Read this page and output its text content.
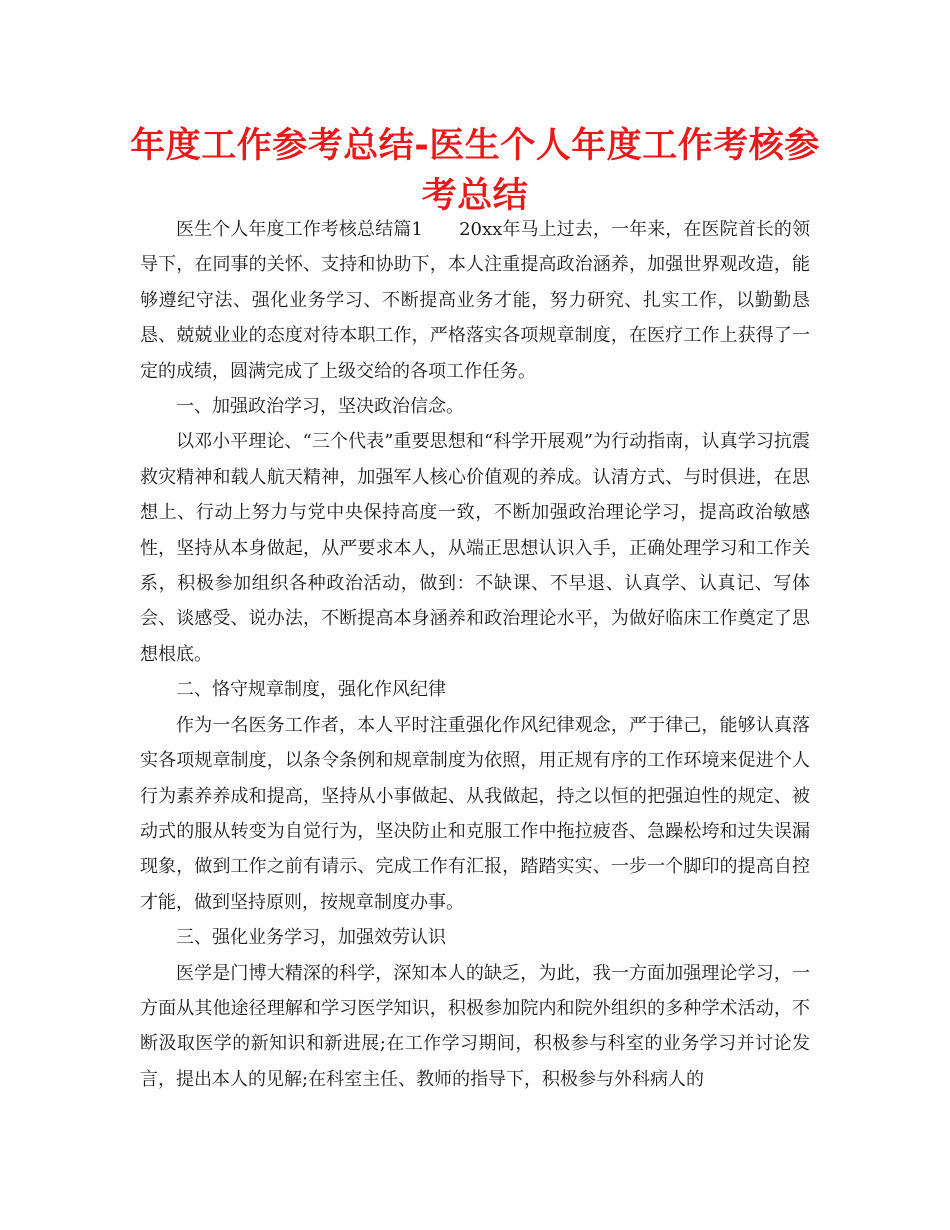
年度工作参考总结-医生个人年度工作考核参考总结

医生个人年度工作考核总结篇1　　20xx年马上过去，一年来，在医院首长的领导下，在同事的关怀、支持和协助下，本人注重提高政治涵养，加强世界观改造，能够遵纪守法、强化业务学习、不断提高业务才能，努力研究、扎实工作，以勤勤恳恳、兢兢业业的态度对待本职工作，严格落实各项规章制度，在医疗工作上获得了一定的成绩，圆满完成了上级交给的各项工作任务。

一、加强政治学习，坚决政治信念。

以邓小平理论、“三个代表”重要思想和“科学开展观”为行动指南，认真学习抗震救灾精神和载人航天精神，加强军人核心价值观的养成。认清方式、与时俱进，在思想上、行动上努力与党中央保持高度一致，不断加强政治理论学习，提高政治敏感性，坚持从本身做起，从严要求本人，从端正思想认识入手，正确处理学习和工作关系，积极参加组织各种政治活动，做到：不缺课、不早退、认真学、认真记、写体会、谈感受、说办法，不断提高本身涵养和政治理论水平，为做好临床工作奠定了思想根底。

二、恪守规章制度，强化作风纪律

作为一名医务工作者，本人平时注重强化作风纪律观念，严于律己，能够认真落实各项规章制度，以条令条例和规章制度为依照，用正规有序的工作环境来促进个人行为素养养成和提高，坚持从小事做起、从我做起，持之以恒的把强迫性的规定、被动式的服从转变为自觉行为，坚决防止和克服工作中拖拉疲沓、急躁松垮和过失误漏现象，做到工作之前有请示、完成工作有汇报，踏踏实实、一步一个脚印的提高自控才能，做到坚持原则，按规章制度办事。

三、强化业务学习，加强效劳认识

医学是门博大精深的科学，深知本人的缺乏，为此，我一方面加强理论学习，一方面从其他途径理解和学习医学知识，积极参加院内和院外组织的多种学术活动，不断汲取医学的新知识和新进展;在工作学习期间，积极参与科室的业务学习并讨论发言，提出本人的见解;在科室主任、教师的指导下，积极参与外科病人的
